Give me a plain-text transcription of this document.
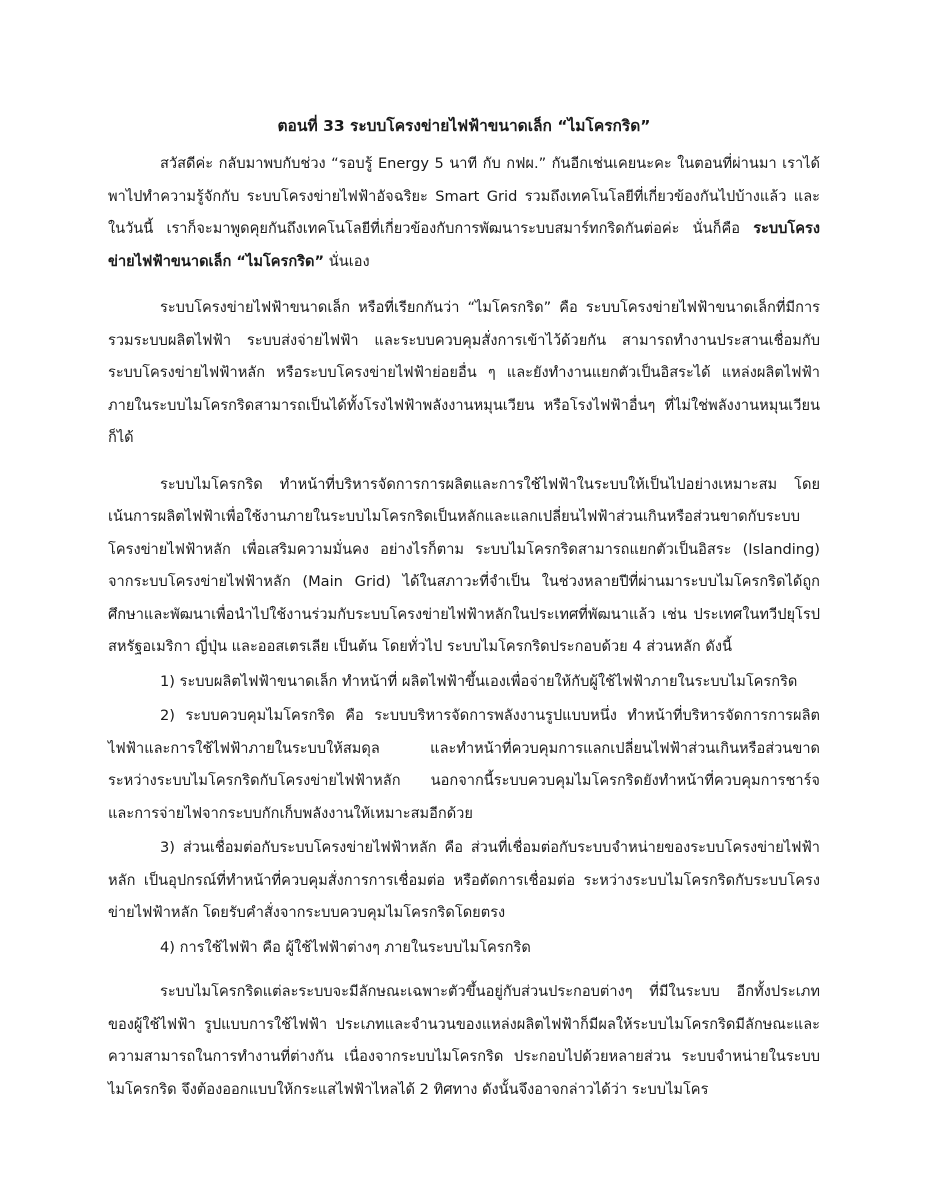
ตอนที่ 33 ระบบโครงข่ายไฟฟ้าขนาดเล็ก “ไมโครกริด”

สวัสดีค่ะ กลับมาพบกับช่วง “รอบรู้ Energy 5 นาที กับ กฟผ.” กันอีกเช่นเคยนะคะ ในตอนที่ผ่านมา เราได้พาไปทำความรู้จักกับ ระบบโครงข่ายไฟฟ้าอัจฉริยะ Smart Grid รวมถึงเทคโนโลยีที่เกี่ยวข้องกันไปบ้างแล้ว และในวันนี้ เราก็จะมาพูดคุยกันถึงเทคโนโลยีที่เกี่ยวข้องกับการพัฒนาระบบสมาร์ทกริดกันต่อค่ะ นั่นก็คือ ระบบโครงข่ายไฟฟ้าขนาดเล็ก “ไมโครกริด” นั่นเอง

ระบบโครงข่ายไฟฟ้าขนาดเล็ก หรือที่เรียกกันว่า “ไมโครกริด” คือ ระบบโครงข่ายไฟฟ้าขนาดเล็กที่มีการรวมระบบผลิตไฟฟ้า ระบบส่งจ่ายไฟฟ้า และระบบควบคุมสั่งการเข้าไว้ด้วยกัน สามารถทำงานประสานเชื่อมกับระบบโครงข่ายไฟฟ้าหลัก หรือระบบโครงข่ายไฟฟ้าย่อยอื่น ๆ และยังทำงานแยกตัวเป็นอิสระได้ แหล่งผลิตไฟฟ้าภายในระบบไมโครกริดสามารถเป็นได้ทั้งโรงไฟฟ้าพลังงานหมุนเวียน หรือโรงไฟฟ้าอื่นๆ ที่ไม่ใช่พลังงานหมุนเวียนก็ได้

ระบบไมโครกริด ทำหน้าที่บริหารจัดการการผลิตและการใช้ไฟฟ้าในระบบให้เป็นไปอย่างเหมาะสม โดยเน้นการผลิตไฟฟ้าเพื่อใช้งานภายในระบบไมโครกริดเป็นหลักและแลกเปลี่ยนไฟฟ้าส่วนเกินหรือส่วนขาดกับระบบโครงข่ายไฟฟ้าหลัก เพื่อเสริมความมั่นคง อย่างไรก็ตาม ระบบไมโครกริดสามารถแยกตัวเป็นอิสระ (Islanding) จากระบบโครงข่ายไฟฟ้าหลัก (Main Grid) ได้ในสภาวะที่จำเป็น ในช่วงหลายปีที่ผ่านมาระบบไมโครกริดได้ถูกศึกษาและพัฒนาเพื่อนำไปใช้งานร่วมกับระบบโครงข่ายไฟฟ้าหลักในประเทศที่พัฒนาแล้ว เช่น ประเทศในทวีปยุโรป สหรัฐอเมริกา ญี่ปุ่น และออสเตรเลีย เป็นต้น โดยทั่วไป ระบบไมโครกริดประกอบด้วย 4 ส่วนหลัก ดังนี้

1) ระบบผลิตไฟฟ้าขนาดเล็ก ทำหน้าที่ ผลิตไฟฟ้าขึ้นเองเพื่อจ่ายให้กับผู้ใช้ไฟฟ้าภายในระบบไมโครกริด

2) ระบบควบคุมไมโครกริด คือ ระบบบริหารจัดการพลังงานรูปแบบหนึ่ง ทำหน้าที่บริหารจัดการการผลิตไฟฟ้าและการใช้ไฟฟ้าภายในระบบให้สมดุล และทำหน้าที่ควบคุมการแลกเปลี่ยนไฟฟ้าส่วนเกินหรือส่วนขาดระหว่างระบบไมโครกริดกับโครงข่ายไฟฟ้าหลัก นอกจากนี้ระบบควบคุมไมโครกริดยังทำหน้าที่ควบคุมการชาร์จและการจ่ายไฟจากระบบกักเก็บพลังงานให้เหมาะสมอีกด้วย

3) ส่วนเชื่อมต่อกับระบบโครงข่ายไฟฟ้าหลัก คือ ส่วนที่เชื่อมต่อกับระบบจำหน่ายของระบบโครงข่ายไฟฟ้าหลัก เป็นอุปกรณ์ที่ทำหน้าที่ควบคุมสั่งการการเชื่อมต่อ หรือตัดการเชื่อมต่อ ระหว่างระบบไมโครกริดกับระบบโครงข่ายไฟฟ้าหลัก โดยรับคำสั่งจากระบบควบคุมไมโครกริดโดยตรง

4) การใช้ไฟฟ้า คือ ผู้ใช้ไฟฟ้าต่างๆ ภายในระบบไมโครกริด

ระบบไมโครกริดแต่ละระบบจะมีลักษณะเฉพาะตัวขึ้นอยู่กับส่วนประกอบต่างๆ ที่มีในระบบ อีกทั้งประเภทของผู้ใช้ไฟฟ้า รูปแบบการใช้ไฟฟ้า ประเภทและจำนวนของแหล่งผลิตไฟฟ้าก็มีผลให้ระบบไมโครกริดมีลักษณะและความสามารถในการทำงานที่ต่างกัน เนื่องจากระบบไมโครกริด ประกอบไปด้วยหลายส่วน ระบบจำหน่ายในระบบไมโครกริด จึงต้องออกแบบให้กระแสไฟฟ้าไหลได้ 2 ทิศทาง ดังนั้นจึงอาจกล่าวได้ว่า ระบบไมโคร
